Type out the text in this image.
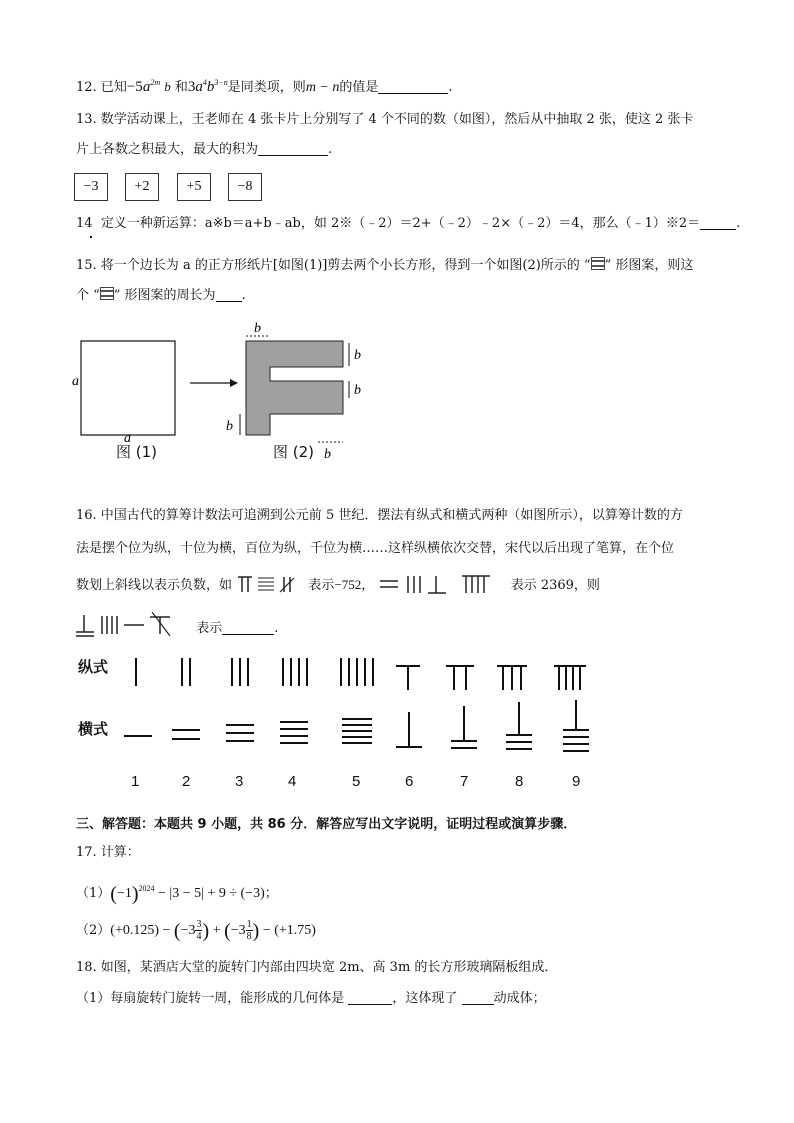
12. 已知$-5a^{2m}$ b 和$3a^4b^{3-n}$是同类项，则m − n的值是	.
13. 数学活动课上，王老师在 4 张卡片上分别写了 4 个不同的数（如图），然后从中抽取 2 张，使这 2 张卡
片上各数之积最大，最大的积为	.
−3	+2	+5	−8
14 定义一种新运算：a※b＝a+b﹣ab，如 2※（﹣2）＝2+（﹣2）﹣2×（﹣2）＝4，那么（﹣1）※2＝	.
15. 将一个边长为 a 的正方形纸片[如图(1)]剪去两个小长方形，得到一个如图(2)所示的 “ ” 形图案，则这
个 “ ” 形图案的周长为 .
a
a
b
b
b
b
b
图 (1)	图 (2)
16. 中国古代的算筹计数法可追溯到公元前 5 世纪．摆法有纵式和横式两种（如图所示），以算筹计数的方
法是摆个位为纵，十位为横，百位为纵，千位为横……这样纵横依次交替，宋代以后出现了笔算，在个位
数划上斜线以表示负数，如	表示−752，	表示 2369，则
表示	.
纵式
横式
1	2	3	4	5	6	7	8	9
三、解答题：本题共 9 小题，共 86 分．解答应写出文字说明，证明过程或演算步骤．
17. 计算：
$(1)(-1)^{2024} - |3 - 5| + 9 \div (-3)$；
$(2)(+0.125) - (-3 \frac{3}{4}$ ) + ($-3 \frac{1}{8}$ ) − (+1.75)
18. 如图，某酒店大堂的旋转门内部由四块宽 2m、高 3m 的长方形玻璃隔板组成．
（1）每扇旋转门旋转一周，能形成的几何体是	，这体现了	动成体；
